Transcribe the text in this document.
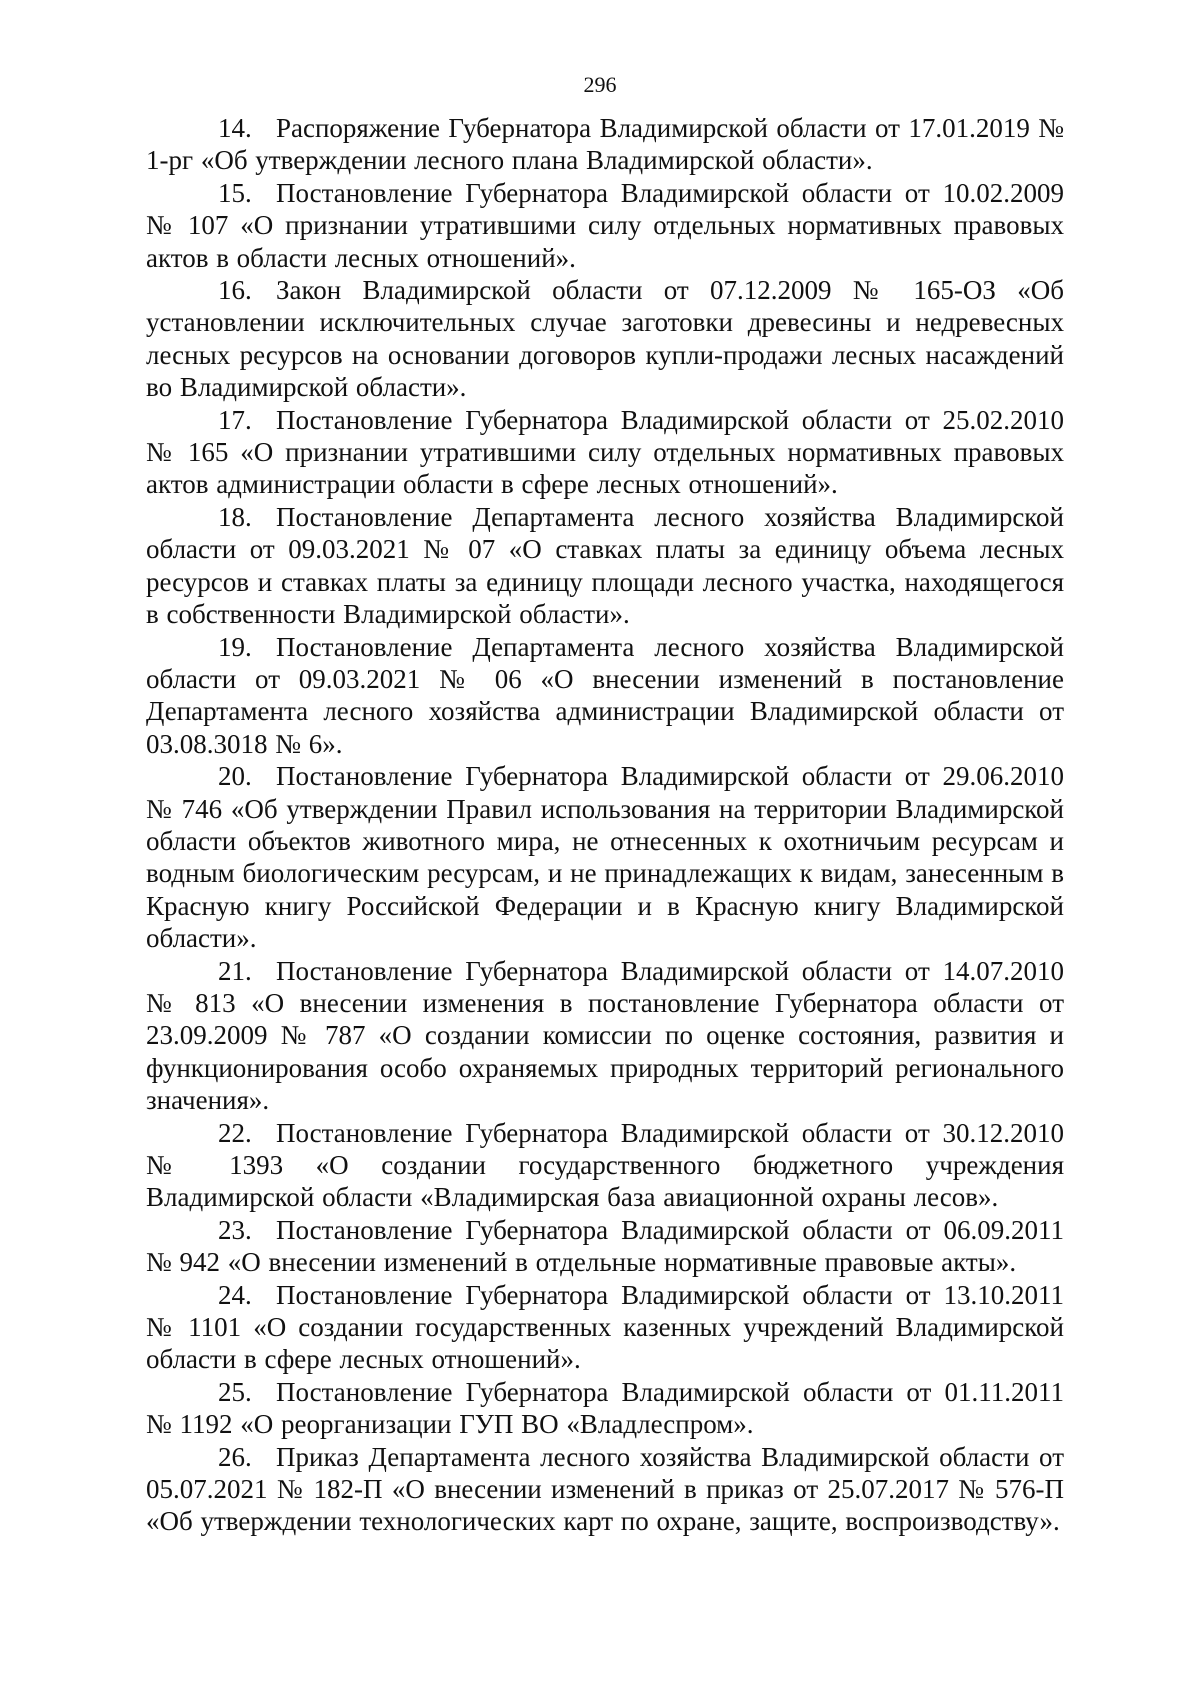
296

14. Распоряжение Губернатора Владимирской области от 17.01.2019 № 1-рг «Об утверждении лесного плана Владимирской области».

15. Постановление Губернатора Владимирской области от 10.02.2009 № 107 «О признании утратившими силу отдельных нормативных правовых актов в области лесных отношений».

16. Закон Владимирской области от 07.12.2009 № 165-ОЗ «Об установлении исключительных случае заготовки древесины и недревесных лесных ресурсов на основании договоров купли-продажи лесных насаждений во Владимирской области».

17. Постановление Губернатора Владимирской области от 25.02.2010 № 165 «О признании утратившими силу отдельных нормативных правовых актов администрации области в сфере лесных отношений».

18. Постановление Департамента лесного хозяйства Владимирской области от 09.03.2021 № 07 «О ставках платы за единицу объема лесных ресурсов и ставках платы за единицу площади лесного участка, находящегося в собственности Владимирской области».

19. Постановление Департамента лесного хозяйства Владимирской области от 09.03.2021 № 06 «О внесении изменений в постановление Департамента лесного хозяйства администрации Владимирской области от 03.08.3018 № 6».

20. Постановление Губернатора Владимирской области от 29.06.2010 № 746 «Об утверждении Правил использования на территории Владимирской области объектов животного мира, не отнесенных к охотничьим ресурсам и водным биологическим ресурсам, и не принадлежащих к видам, занесенным в Красную книгу Российской Федерации и в Красную книгу Владимирской области».

21. Постановление Губернатора Владимирской области от 14.07.2010 № 813 «О внесении изменения в постановление Губернатора области от 23.09.2009 № 787 «О создании комиссии по оценке состояния, развития и функционирования особо охраняемых природных территорий регионального значения».

22. Постановление Губернатора Владимирской области от 30.12.2010 № 1393 «О создании государственного бюджетного учреждения Владимирской области «Владимирская база авиационной охраны лесов».

23. Постановление Губернатора Владимирской области от 06.09.2011 № 942 «О внесении изменений в отдельные нормативные правовые акты».

24. Постановление Губернатора Владимирской области от 13.10.2011 № 1101 «О создании государственных казенных учреждений Владимирской области в сфере лесных отношений».

25. Постановление Губернатора Владимирской области от 01.11.2011 № 1192 «О реорганизации ГУП ВО «Владлеспром».

26. Приказ Департамента лесного хозяйства Владимирской области от 05.07.2021 № 182-П «О внесении изменений в приказ от 25.07.2017 № 576-П «Об утверждении технологических карт по охране, защите, воспроизводству».
